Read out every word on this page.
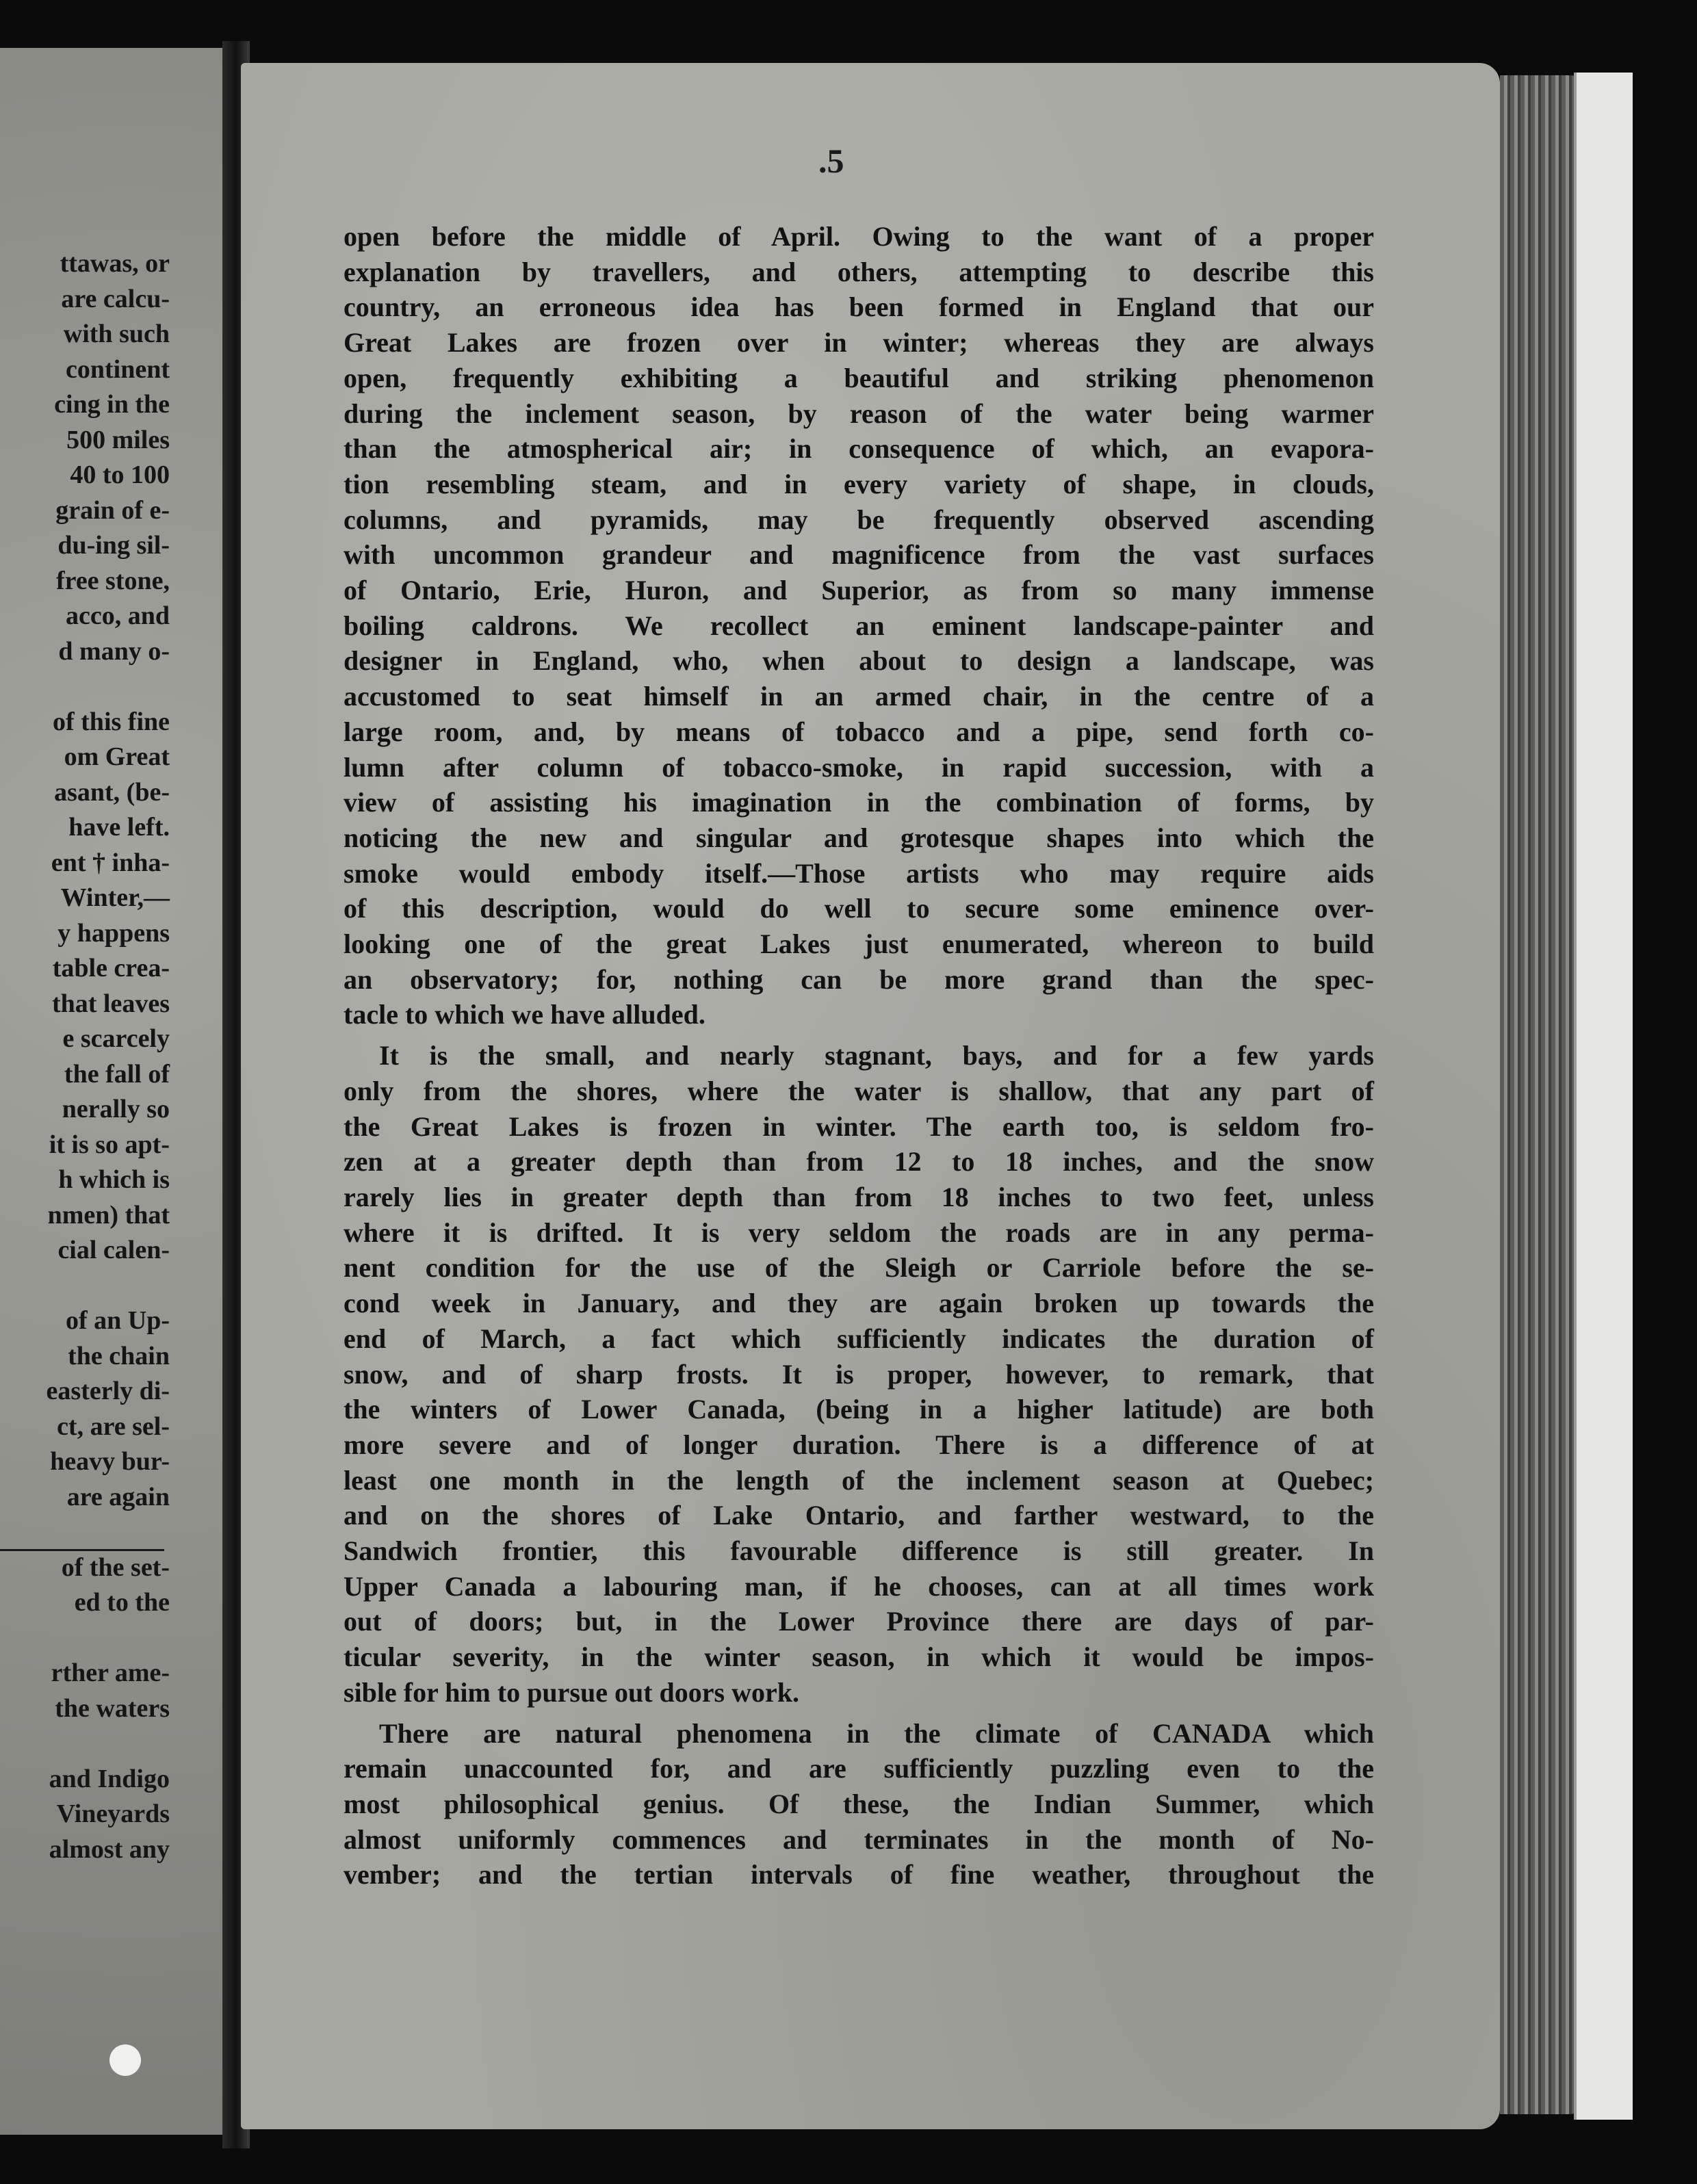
ttawas, or
are calcu-
with such
continent
cing in the
500 miles
40 to 100
grain of e-
du-ing sil-
free stone,
acco, and
d many o-

of this fine
om Great
asant, (be-
have left.
ent † inha-
Winter,—
y happens
table crea-
that leaves
e scarcely
the fall of
nerally so
it is so apt-
h which is
nmen) that
cial calen-

of an Up-
the chain
easterly di-
ct, are sel-
heavy bur-
are again

of the set-
ed to the

rther ame-
the waters

and Indigo
Vineyards
almost any
.5
open before the middle of April. Owing to the want of a proper
explanation by travellers, and others, attempting to describe this
country, an erroneous idea has been formed in England that our
Great Lakes are frozen over in winter; whereas they are always
open, frequently exhibiting a beautiful and striking phenomenon
during the inclement season, by reason of the water being warmer
than the atmospherical air; in consequence of which, an evapora-
tion resembling steam, and in every variety of shape, in clouds,
columns, and pyramids, may be frequently observed ascending
with uncommon grandeur and magnificence from the vast surfaces
of Ontario, Erie, Huron, and Superior, as from so many immense
boiling caldrons. We recollect an eminent landscape-painter and
designer in England, who, when about to design a landscape, was
accustomed to seat himself in an armed chair, in the centre of a
large room, and, by means of tobacco and a pipe, send forth co-
lumn after column of tobacco-smoke, in rapid succession, with a
view of assisting his imagination in the combination of forms, by
noticing the new and singular and grotesque shapes into which the
smoke would embody itself.—Those artists who may require aids
of this description, would do well to secure some eminence over-
looking one of the great Lakes just enumerated, whereon to build
an observatory; for, nothing can be more grand than the spec-
tacle to which we have alluded.
It is the small, and nearly stagnant, bays, and for a few yards
only from the shores, where the water is shallow, that any part of
the Great Lakes is frozen in winter. The earth too, is seldom fro-
zen at a greater depth than from 12 to 18 inches, and the snow
rarely lies in greater depth than from 18 inches to two feet, unless
where it is drifted. It is very seldom the roads are in any perma-
nent condition for the use of the Sleigh or Carriole before the se-
cond week in January, and they are again broken up towards the
end of March, a fact which sufficiently indicates the duration of
snow, and of sharp frosts. It is proper, however, to remark, that
the winters of Lower Canada, (being in a higher latitude) are both
more severe and of longer duration. There is a difference of at
least one month in the length of the inclement season at Quebec;
and on the shores of Lake Ontario, and farther westward, to the
Sandwich frontier, this favourable difference is still greater. In
Upper Canada a labouring man, if he chooses, can at all times work
out of doors; but, in the Lower Province there are days of par-
ticular severity, in the winter season, in which it would be impos-
sible for him to pursue out doors work.
There are natural phenomena in the climate of CANADA which
remain unaccounted for, and are sufficiently puzzling even to the
most philosophical genius. Of these, the Indian Summer, which
almost uniformly commences and terminates in the month of No-
vember; and the tertian intervals of fine weather, throughout the
